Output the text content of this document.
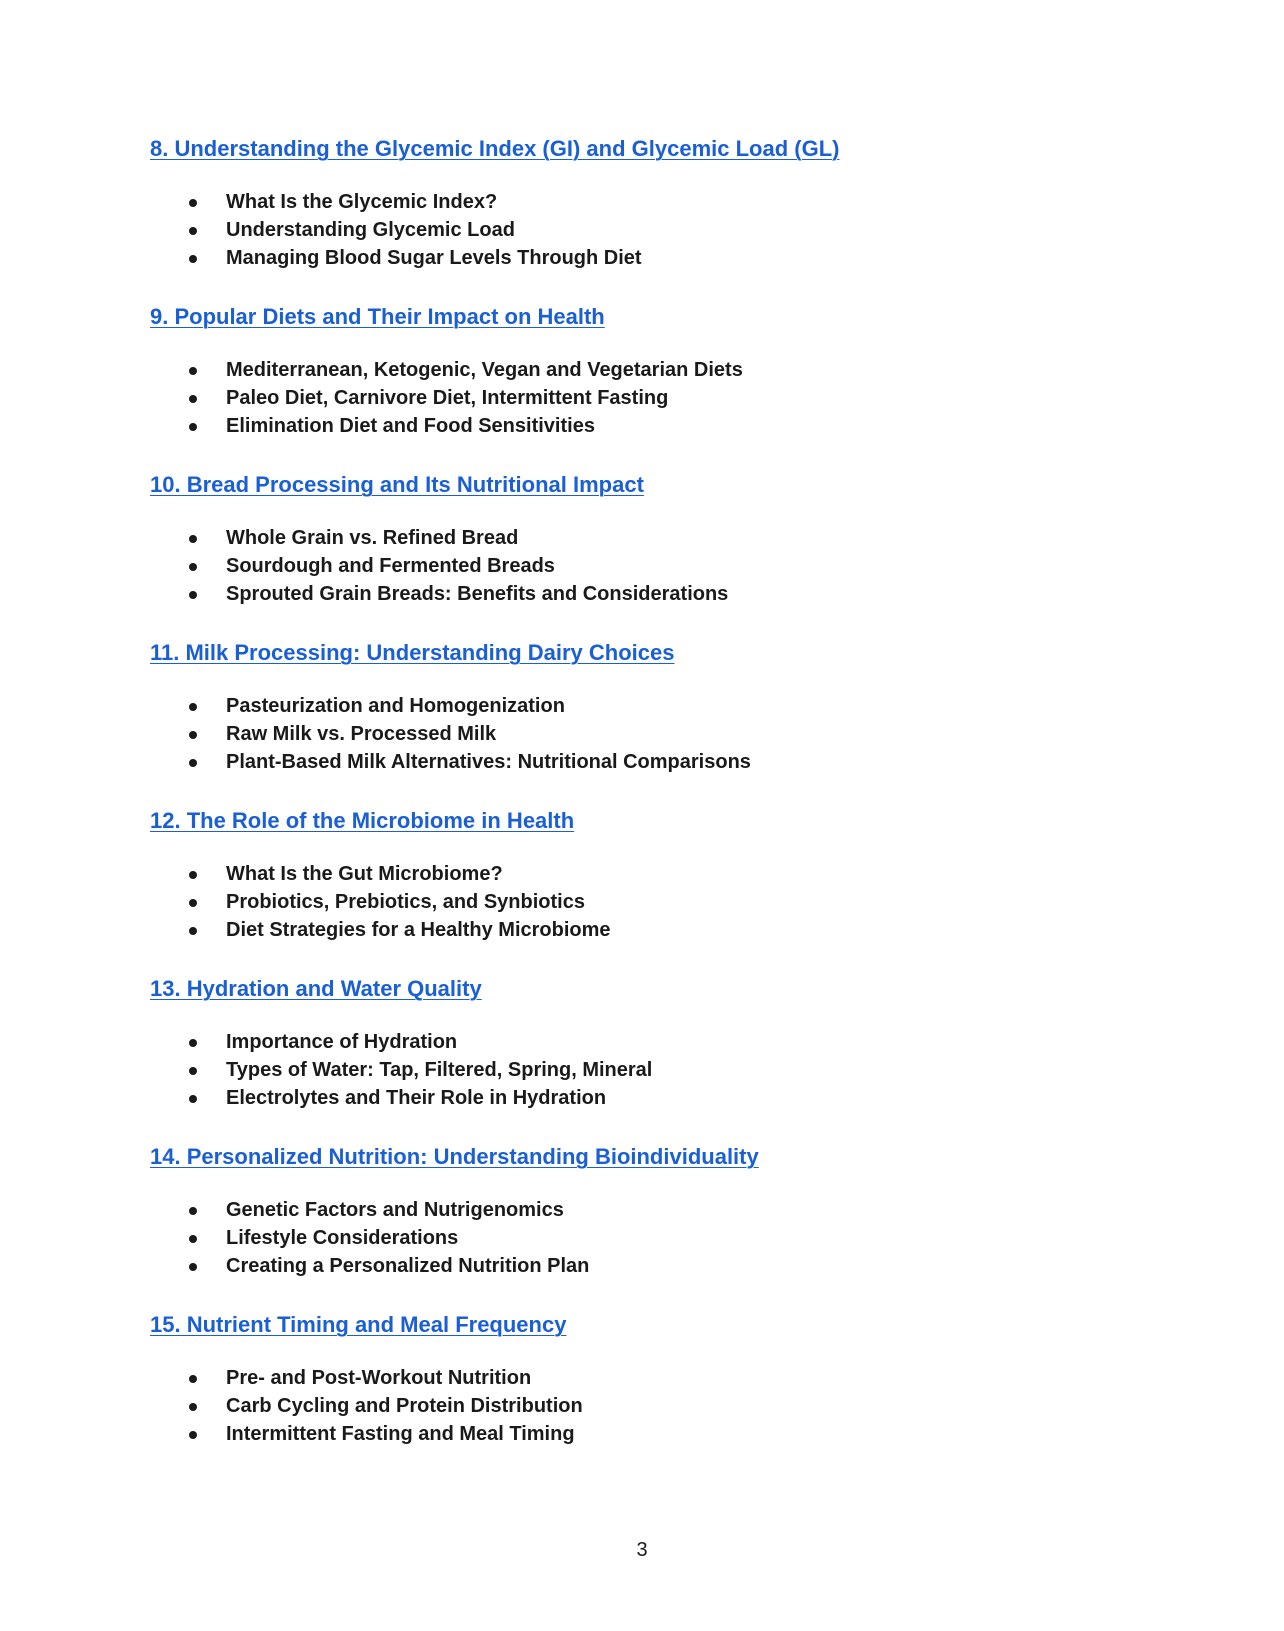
8. Understanding the Glycemic Index (GI) and Glycemic Load (GL)
What Is the Glycemic Index?
Understanding Glycemic Load
Managing Blood Sugar Levels Through Diet
9. Popular Diets and Their Impact on Health
Mediterranean, Ketogenic, Vegan and Vegetarian Diets
Paleo Diet, Carnivore Diet, Intermittent Fasting
Elimination Diet and Food Sensitivities
10. Bread Processing and Its Nutritional Impact
Whole Grain vs. Refined Bread
Sourdough and Fermented Breads
Sprouted Grain Breads: Benefits and Considerations
11. Milk Processing: Understanding Dairy Choices
Pasteurization and Homogenization
Raw Milk vs. Processed Milk
Plant-Based Milk Alternatives: Nutritional Comparisons
12. The Role of the Microbiome in Health
What Is the Gut Microbiome?
Probiotics, Prebiotics, and Synbiotics
Diet Strategies for a Healthy Microbiome
13. Hydration and Water Quality
Importance of Hydration
Types of Water: Tap, Filtered, Spring, Mineral
Electrolytes and Their Role in Hydration
14. Personalized Nutrition: Understanding Bioindividuality
Genetic Factors and Nutrigenomics
Lifestyle Considerations
Creating a Personalized Nutrition Plan
15. Nutrient Timing and Meal Frequency
Pre- and Post-Workout Nutrition
Carb Cycling and Protein Distribution
Intermittent Fasting and Meal Timing
3
